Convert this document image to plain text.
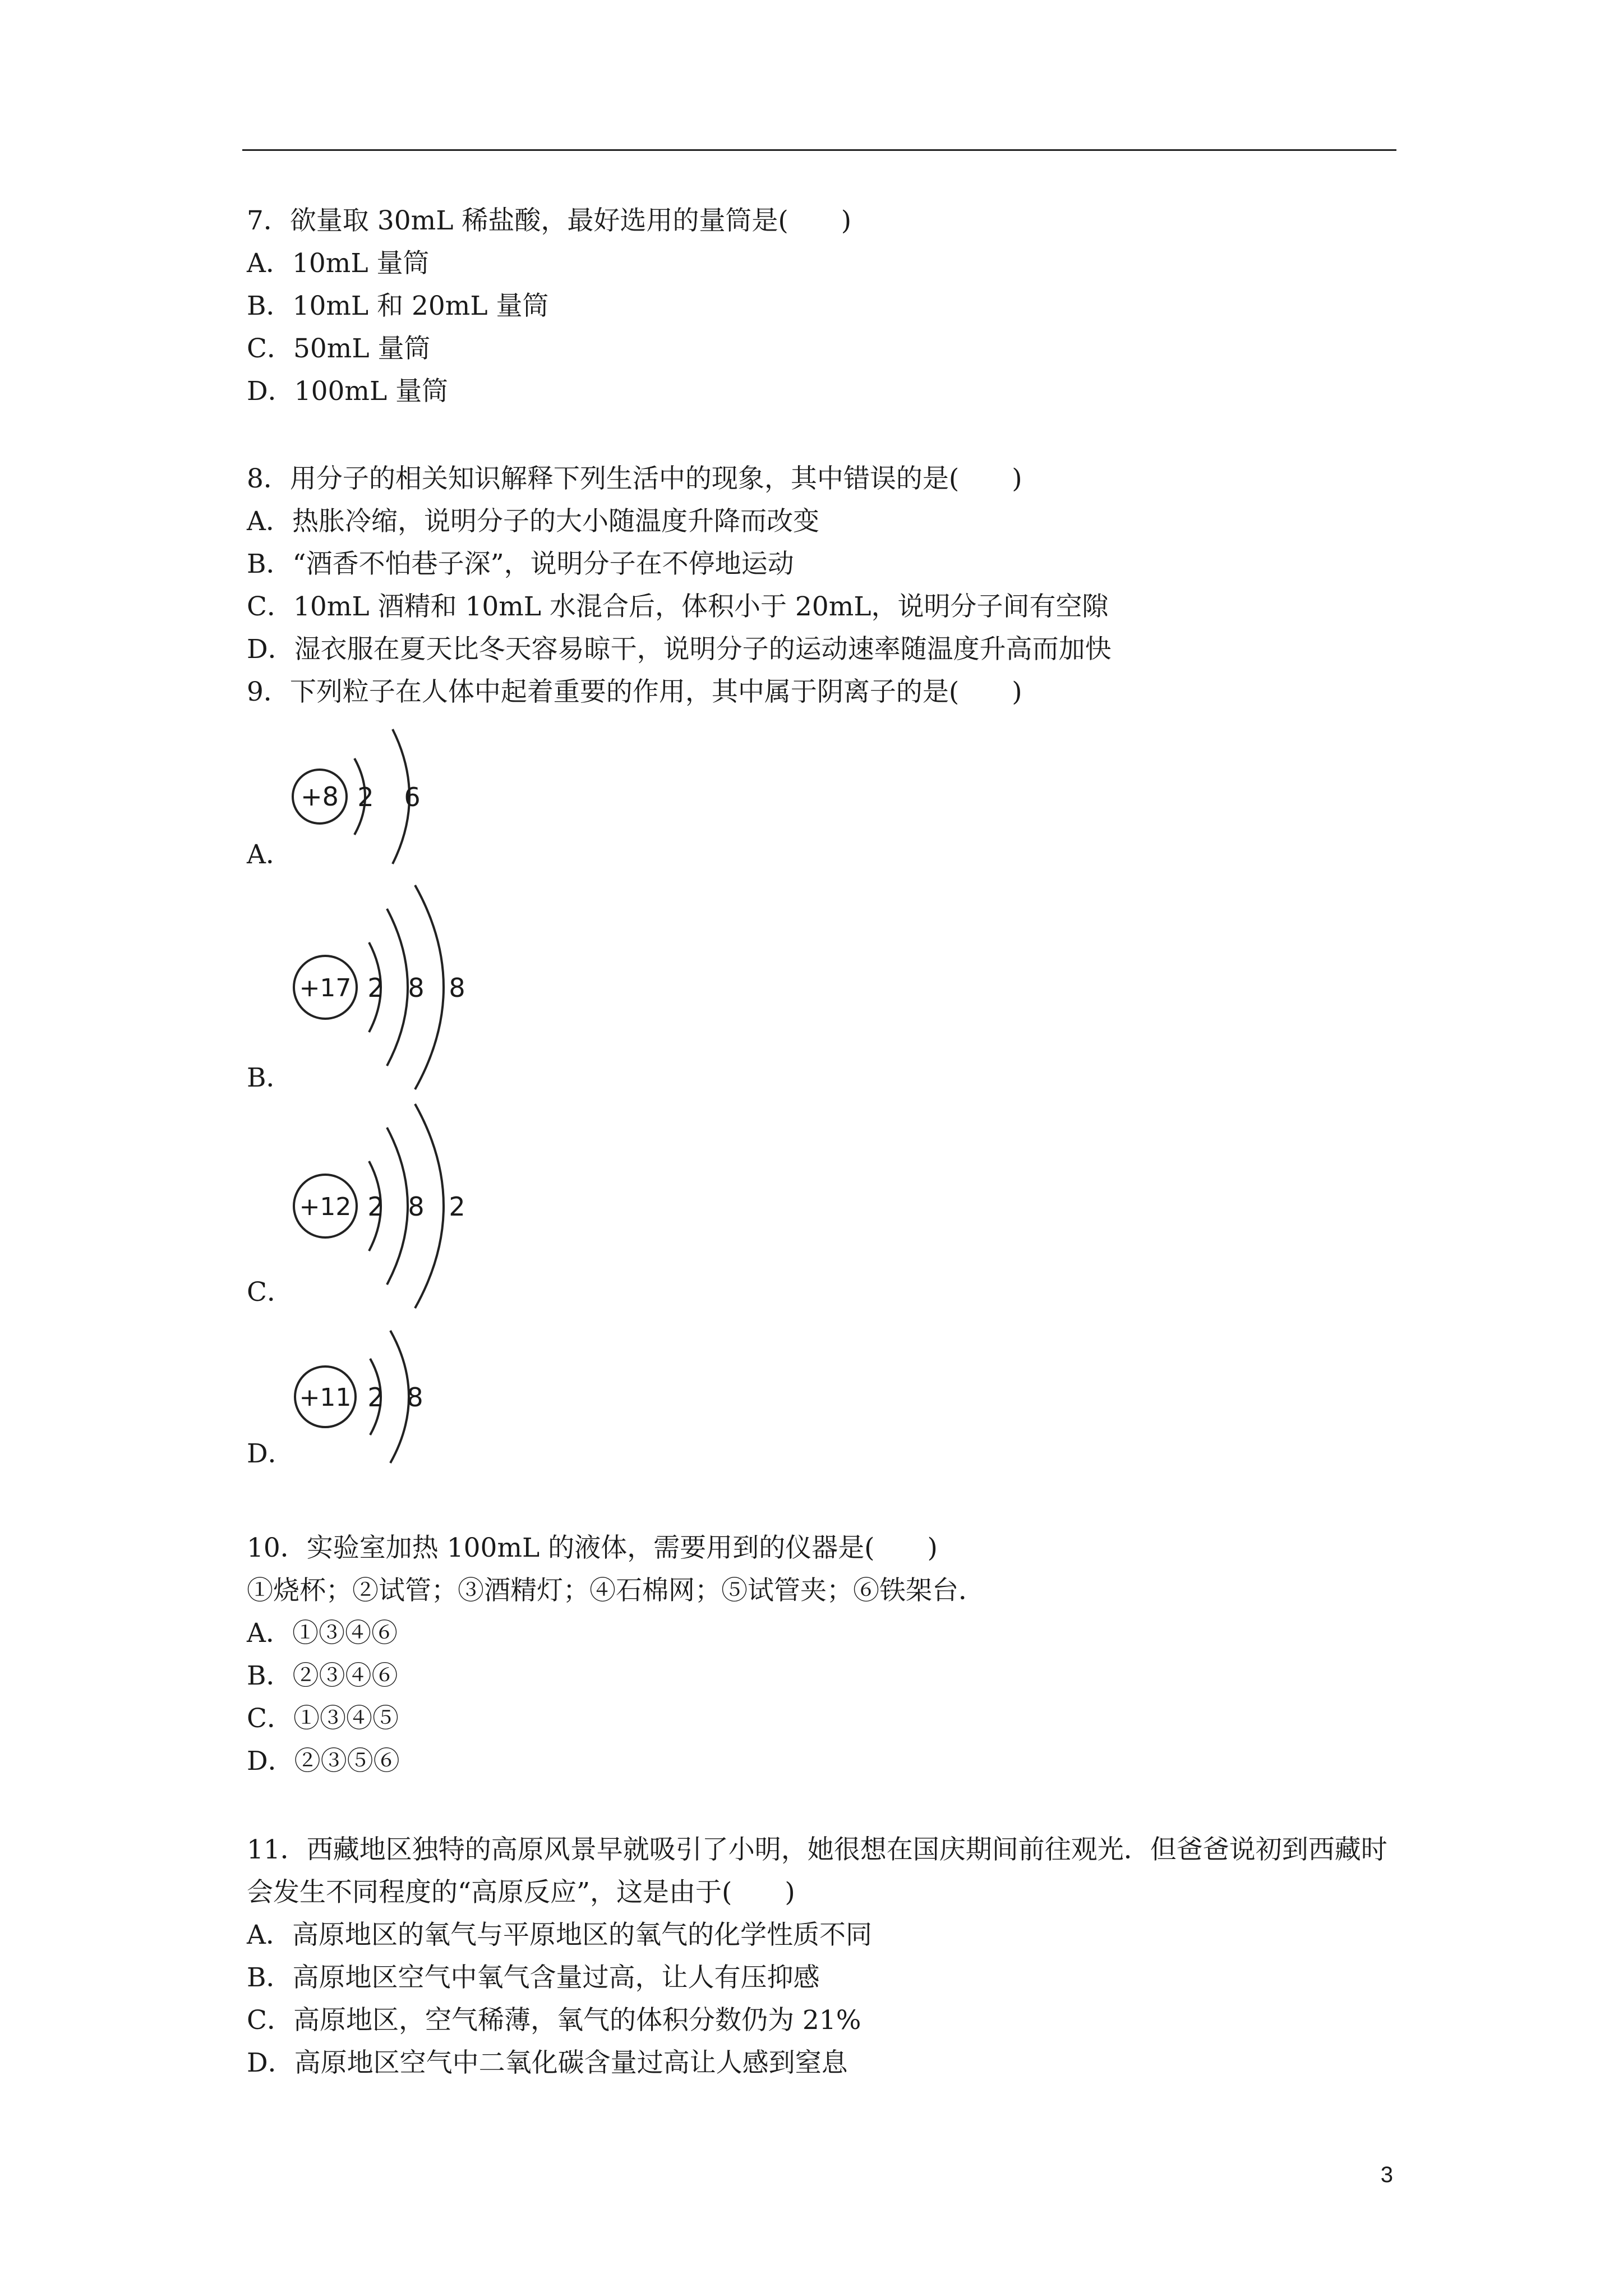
7．欲量取 30mL 稀盐酸，最好选用的量筒是(　　)
A．10mL 量筒
B．10mL 和 20mL 量筒
C．50mL 量筒
D．100mL 量筒
8．用分子的相关知识解释下列生活中的现象，其中错误的是(　　)
A．热胀冷缩，说明分子的大小随温度升降而改变
B．“酒香不怕巷子深”，说明分子在不停地运动
C．10mL 酒精和 10mL 水混合后，体积小于 20mL，说明分子间有空隙
D．湿衣服在夏天比冬天容易晾干，说明分子的运动速率随温度升高而加快
9．下列粒子在人体中起着重要的作用，其中属于阴离子的是(　　)
A．
+8 2 6
B．
+17 2 8 8
C．
+12 2 8 2
D．
+11 2 8
10．实验室加热 100mL 的液体，需要用到的仪器是(　　)
①烧杯；②试管；③酒精灯；④石棉网；⑤试管夹；⑥铁架台．
A．①③④⑥
B．②③④⑥
C．①③④⑤
D．②③⑤⑥
11．西藏地区独特的高原风景早就吸引了小明，她很想在国庆期间前往观光．但爸爸说初到西藏时会发生不同程度的“高原反应”，这是由于(　　)
A．高原地区的氧气与平原地区的氧气的化学性质不同
B．高原地区空气中氧气含量过高，让人有压抑感
C．高原地区，空气稀薄，氧气的体积分数仍为 21%
D．高原地区空气中二氧化碳含量过高让人感到窒息
3
